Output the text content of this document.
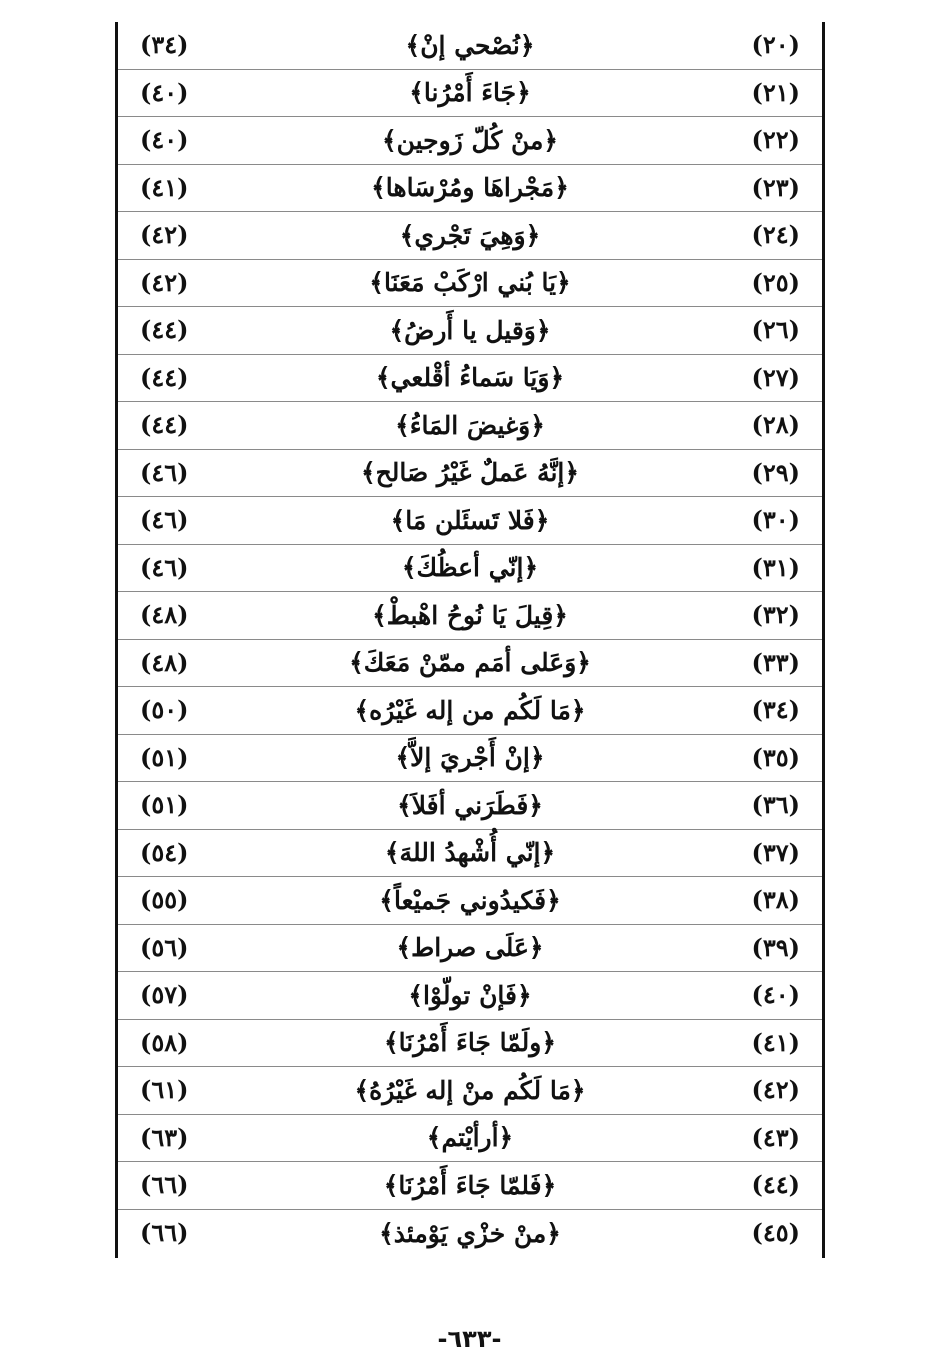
(٢٠)
﴿نُصْحي إنْ﴾
(٣٤)
(٢١)
﴿جَاءَ أَمْرُنا﴾
(٤٠)
(٢٢)
﴿منْ كُلّ زَوجين﴾
(٤٠)
(٢٣)
﴿مَجْراهَا ومُرْسَاها﴾
(٤١)
(٢٤)
﴿وَهِيَ تَجْري﴾
(٤٢)
(٢٥)
﴿يَا بُني ارْكَبْ مَعَنَا﴾
(٤٢)
(٢٦)
﴿وَقيل يا أَرضُ﴾
(٤٤)
(٢٧)
﴿وَيَا سَماءُ أقْلعي﴾
(٤٤)
(٢٨)
﴿وَغيضَ المَاءُ﴾
(٤٤)
(٢٩)
﴿إنَّهُ عَملٌ غَيْرُ صَالح﴾
(٤٦)
(٣٠)
﴿فَلا تَسئَلن مَا﴾
(٤٦)
(٣١)
﴿إنّي أعظُكَ﴾
(٤٦)
(٣٢)
﴿قِيلَ يَا نُوحُ اهْبطْ﴾
(٤٨)
(٣٣)
﴿وَعَلى أمَم ممّنْ مَعَكَ﴾
(٤٨)
(٣٤)
﴿مَا لَكُم من إله غَيْرُه﴾
(٥٠)
(٣٥)
﴿إنْ أَجْريَ إلاَّ﴾
(٥١)
(٣٦)
﴿فَطَرَني أفَلاَ﴾
(٥١)
(٣٧)
﴿إنّي أُشْهدُ اللهَ﴾
(٥٤)
(٣٨)
﴿فَكيدُوني جَميْعاً﴾
(٥٥)
(٣٩)
﴿عَلَى صراط﴾
(٥٦)
(٤٠)
﴿فَإنْ تولّوْا﴾
(٥٧)
(٤١)
﴿ولَمّا جَاءَ أَمْرُنَا﴾
(٥٨)
(٤٢)
﴿مَا لَكُم منْ إله غَيْرُهُ﴾
(٦١)
(٤٣)
﴿أرأيْتم﴾
(٦٣)
(٤٤)
﴿فَلمّا جَاءَ أَمْرُنَا﴾
(٦٦)
(٤٥)
﴿منْ خزْي يَوْمئذ﴾
(٦٦)
-٦٣٣-
